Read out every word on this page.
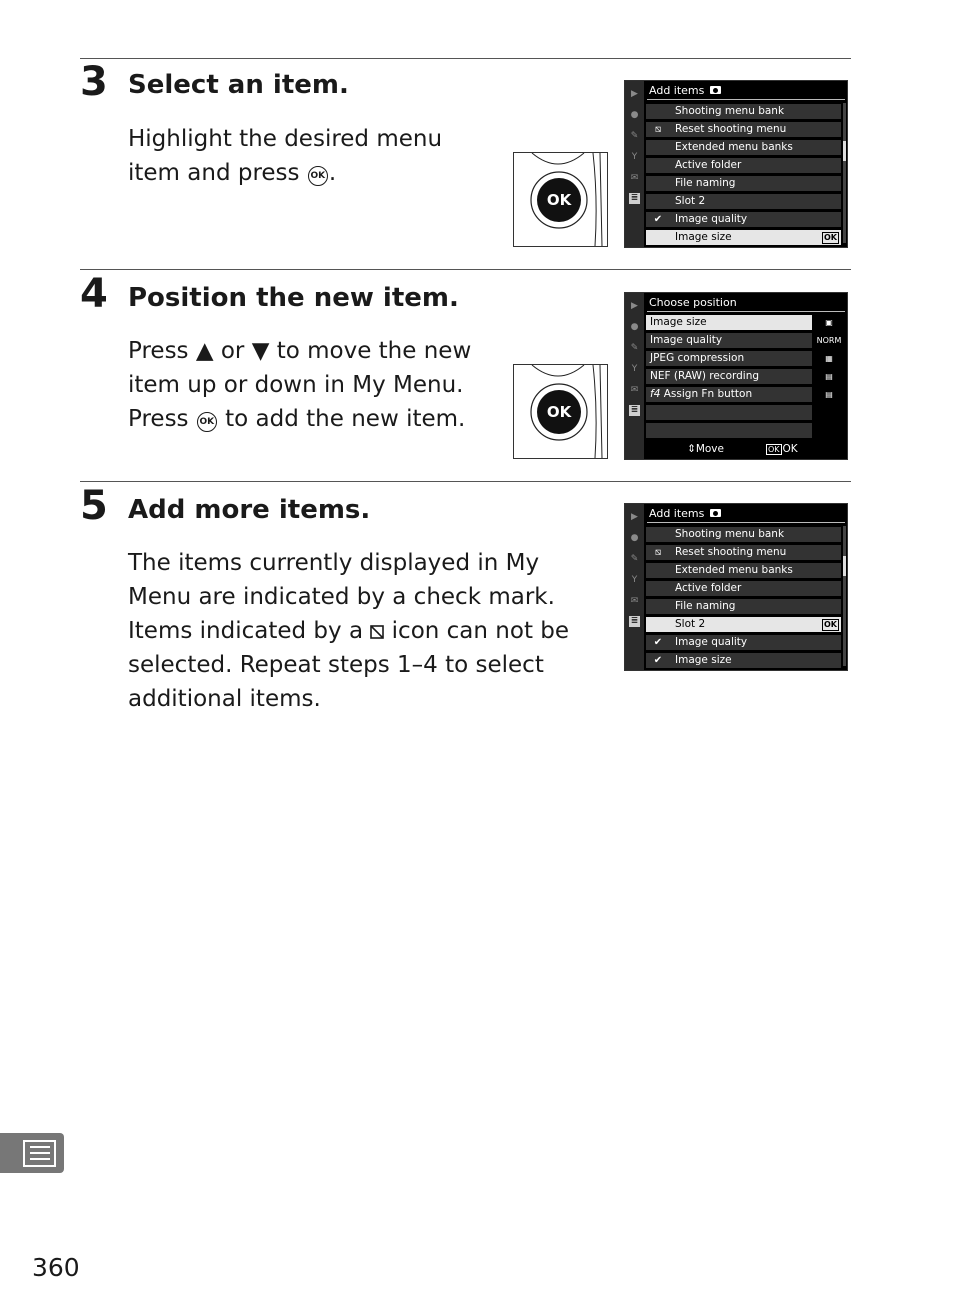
3 Select an item.
Highlight the desired menu
item and press OK .
OK
▶
●
✎
Y
✉
≣
Add items
Shooting menu bank
⧅ Reset shooting menu
Extended menu banks
Active folder
File naming
Slot 2
✔ Image quality
Image size	OK
4 Position the new item.
Press ▲ or ▼ to move the new
item up or down in My Menu.
Press OK to add the new item.	OK
▶
●
✎
Y
✉
≣
Choose position
Image size	▣
Image quality	NORM
JPEG compression	▦
NEF (RAW) recording	▤
f4 Assign Fn button	▤
⇕Move	OK OK
5 Add more items.
The items currently displayed in My
Menu are indicated by a check mark.
Items indicated by a  icon can not be
selected. Repeat steps 1–4 to select
additional items.
▶
●
✎
Y
✉
≣
Add items
Shooting menu bank
⧅ Reset shooting menu
Extended menu banks
Active folder
File naming
Slot 2	OK
✔ Image quality
✔ Image size
360
